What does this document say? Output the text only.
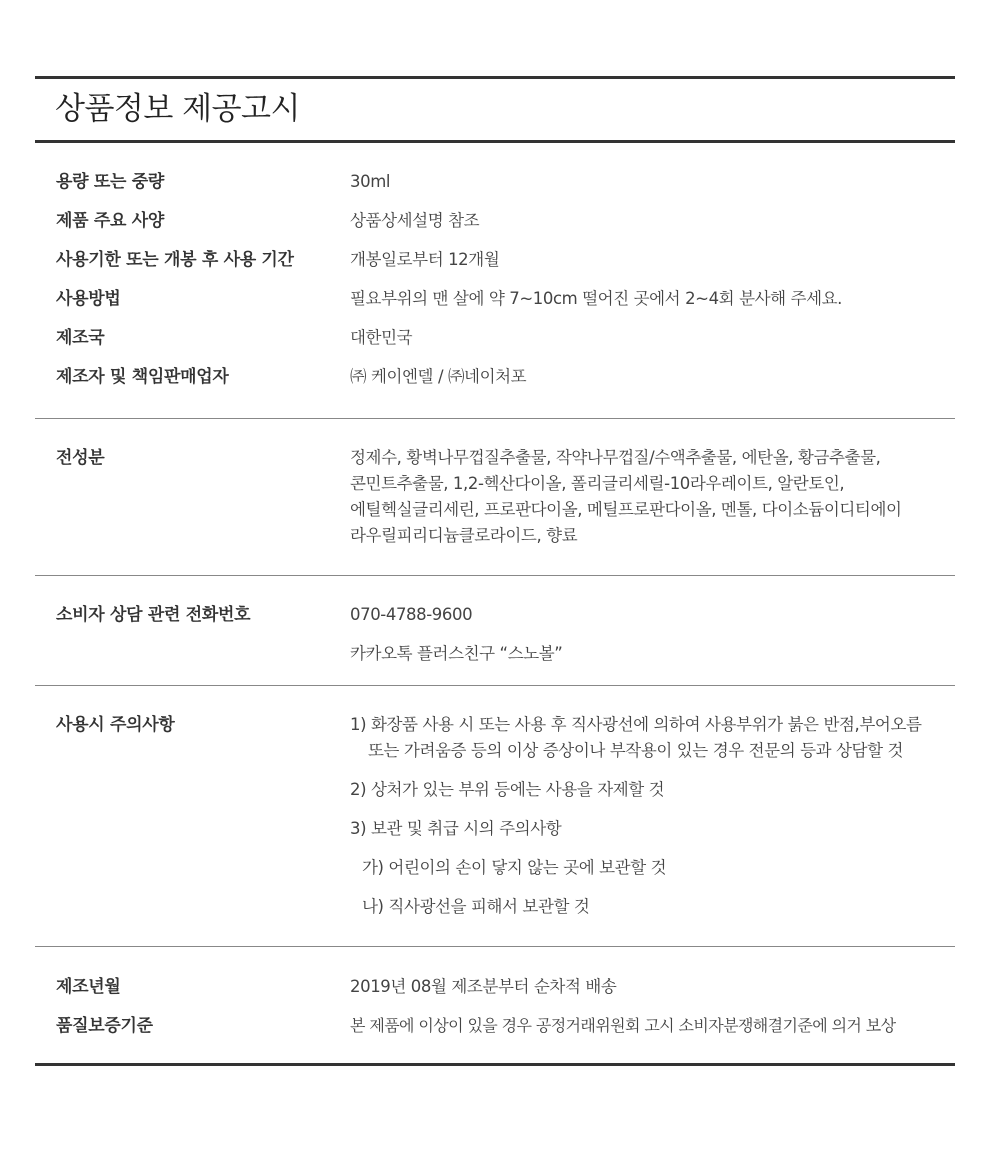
상품정보 제공고시
용량 또는 중량	30ml
제품 주요 사양	상품상세설명 참조
사용기한 또는 개봉 후 사용 기간	개봉일로부터 12개월
사용방법	필요부위의 맨 살에 약 7~10cm 떨어진 곳에서 2~4회 분사해 주세요.
제조국	대한민국
제조자 및 책임판매업자	㈜ 케이엔델 / ㈜네이처포
전성분	정제수, 황벽나무껍질추출물, 작약나무껍질/수액추출물, 에탄올, 황금추출물,
콘민트추출물, 1,2-헥산다이올, 폴리글리세릴-10라우레이트, 알란토인,
에틸헥실글리세린, 프로판다이올, 메틸프로판다이올, 멘톨, 다이소듐이디티에이
라우릴피리디늄클로라이드, 향료
소비자 상담 관련 전화번호	070-4788-9600
카카오톡 플러스친구 “스노볼”
사용시 주의사항	1) 화장품 사용 시 또는 사용 후 직사광선에 의하여 사용부위가 붉은 반점,부어오름
또는 가려움증 등의 이상 증상이나 부작용이 있는 경우 전문의 등과 상담할 것
2) 상처가 있는 부위 등에는 사용을 자제할 것
3) 보관 및 취급 시의 주의사항
가) 어린이의 손이 닿지 않는 곳에 보관할 것
나) 직사광선을 피해서 보관할 것
제조년월	2019년 08월 제조분부터 순차적 배송
품질보증기준	본 제품에 이상이 있을 경우 공정거래위원회 고시 소비자분쟁해결기준에 의거 보상
